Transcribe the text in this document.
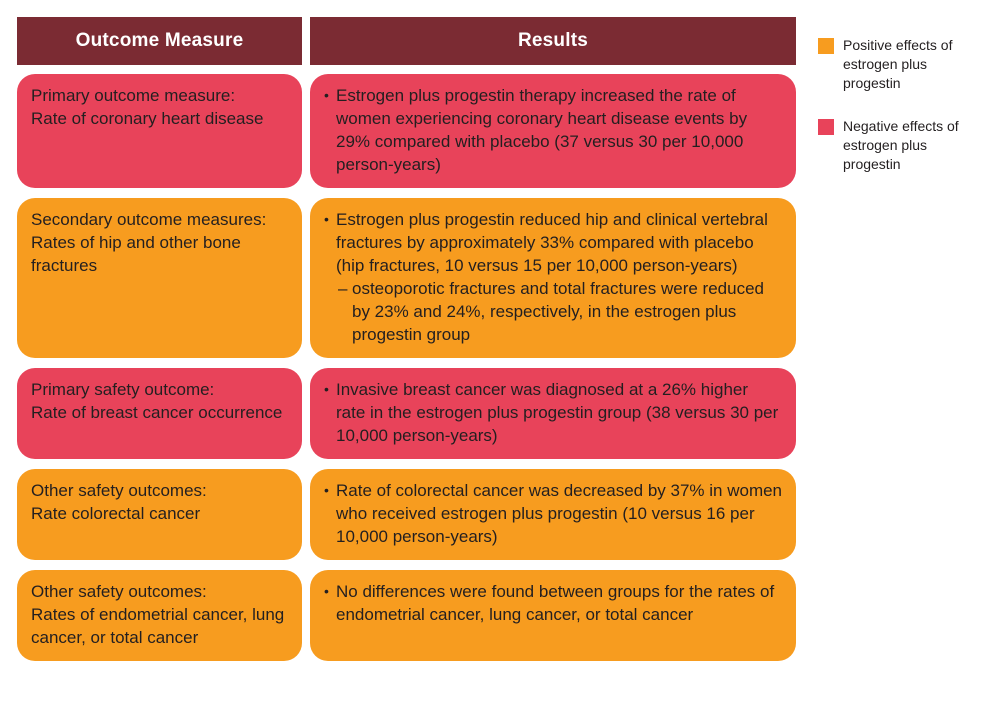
Outcome Measure	Results
Primary outcome measure:
Rate of coronary heart disease
• Estrogen plus progestin therapy increased the rate of women experiencing coronary heart disease events by 29% compared with placebo (37 versus 30 per 10,000 person-years)
Secondary outcome measures:
Rates of hip and other bone fractures
• Estrogen plus progestin reduced hip and clinical vertebral fractures by approximately 33% compared with placebo (hip fractures, 10 versus 15 per 10,000 person-years)
– osteoporotic fractures and total fractures were reduced by 23% and 24%, respectively, in the estrogen plus progestin group
Primary safety outcome:
Rate of breast cancer occurrence
• Invasive breast cancer was diagnosed at a 26% higher rate in the estrogen plus progestin group (38 versus 30 per 10,000 person-years)
Other safety outcomes:
Rate colorectal cancer
• Rate of colorectal cancer was decreased by 37% in women who received estrogen plus progestin (10 versus 16 per 10,000 person-years)
Other safety outcomes:
Rates of endometrial cancer, lung cancer, or total cancer
• No differences were found between groups for the rates of endometrial cancer, lung cancer, or total cancer
Positive effects of estrogen plus progestin
Negative effects of estrogen plus progestin
